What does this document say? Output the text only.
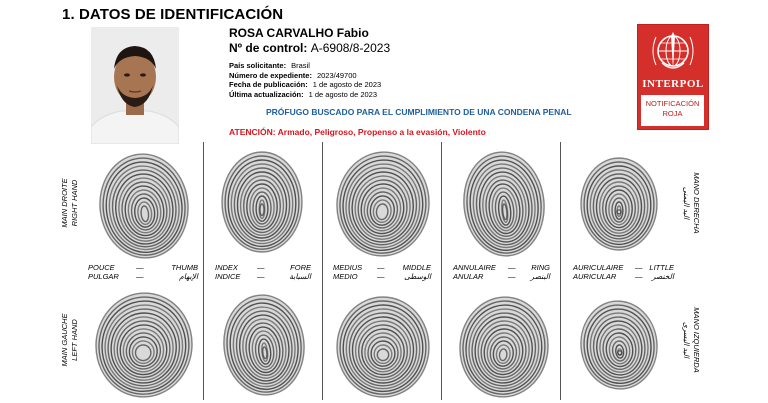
1. DATOS DE IDENTIFICACIÓN
ROSA CARVALHO Fabio
Nº de control: A-6908/8-2023
País solicitante: Brasil
Número de expediente: 2023/49700
Fecha de publicación: 1 de agosto de 2023
Última actualización: 1 de agosto de 2023
PRÓFUGO BUSCADO PARA EL CUMPLIMIENTO DE UNA CONDENA PENAL
ATENCIÓN: Armado, Peligroso, Propenso a la evasión, Violento
INTERPOL
NOTIFICACIÓN
ROJA
MAIN DROITE RIGHT HAND
MAIN GAUCHE LEFT HAND
MANO DERECHA
اليد اليمنى
MANO IZQUIERDA
اليد اليسرى
POUCE	—	THUMB
PULGAR —	الإبهام
INDEX	—	FORE
INDICE —	السبابة
MEDIUS — MIDDLE
MEDIO	—	الوسطى
ANNULAIRE — RING
ANULAR	— البنصر
AURICULAIRE — LITTLE
AURICULAR — الخنصر
